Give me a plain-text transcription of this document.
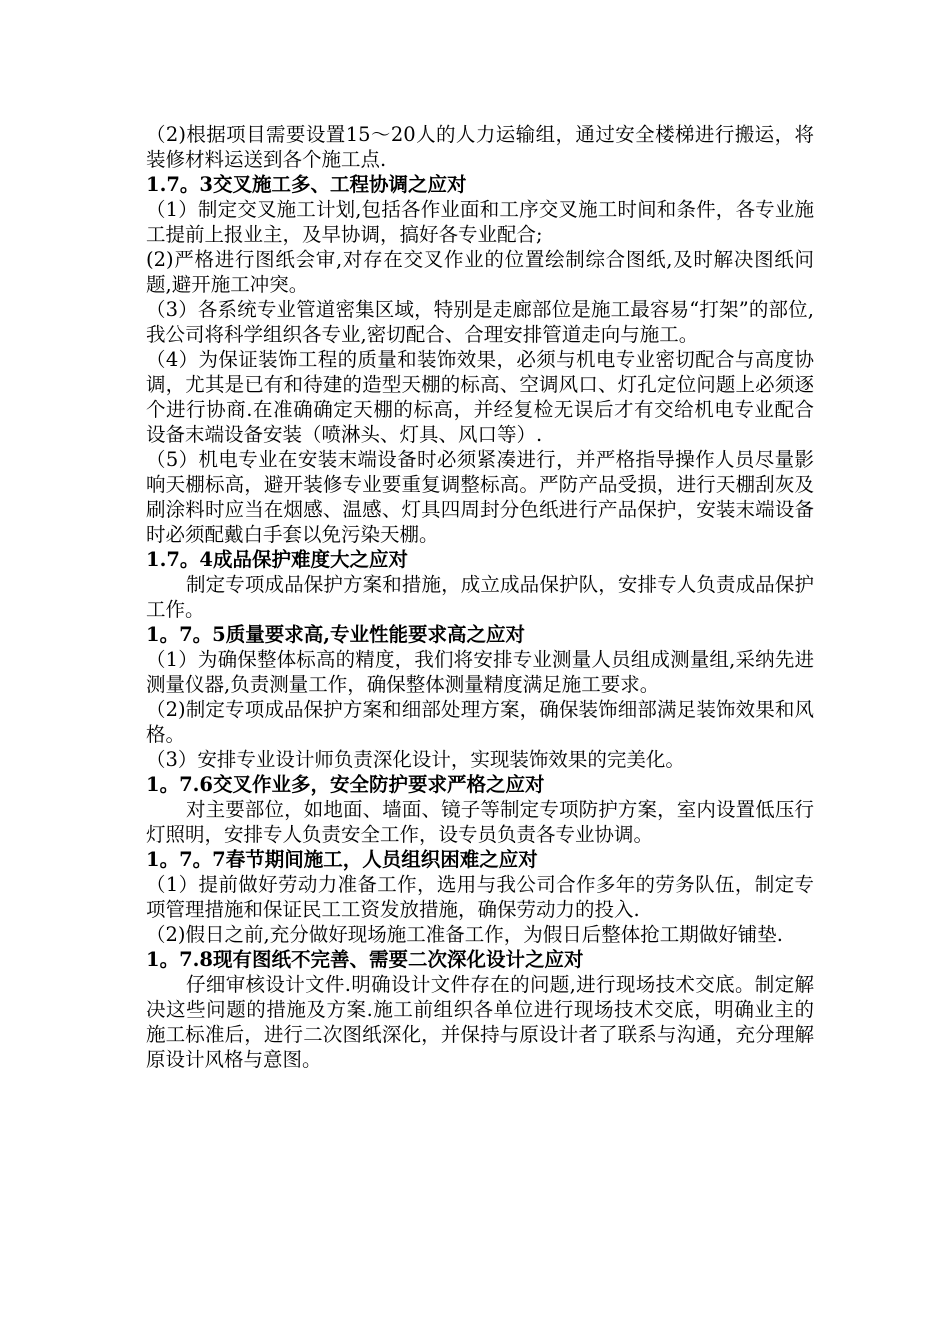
（2)根据项目需要设置15～20人的人力运输组，通过安全楼梯进行搬运，将装修材料运送到各个施工点.

1.7。3交叉施工多、工程协调之应对

（1）制定交叉施工计划,包括各作业面和工序交叉施工时间和条件，各专业施工提前上报业主，及早协调，搞好各专业配合;

(2)严格进行图纸会审,对存在交叉作业的位置绘制综合图纸,及时解决图纸问题,避开施工冲突。

（3）各系统专业管道密集区域，特别是走廊部位是施工最容易“打架”的部位,我公司将科学组织各专业,密切配合、合理安排管道走向与施工。

（4）为保证装饰工程的质量和装饰效果，必须与机电专业密切配合与高度协调，尤其是已有和待建的造型天棚的标高、空调风口、灯孔定位问题上必须逐个进行协商.在准确确定天棚的标高，并经复检无误后才有交给机电专业配合设备末端设备安装（喷淋头、灯具、风口等）.

（5）机电专业在安装末端设备时必须紧凑进行，并严格指导操作人员尽量影响天棚标高，避开装修专业要重复调整标高。严防产品受损，进行天棚刮灰及刷涂料时应当在烟感、温感、灯具四周封分色纸进行产品保护，安装末端设备时必须配戴白手套以免污染天棚。

1.7。4成品保护难度大之应对

制定专项成品保护方案和措施，成立成品保护队，安排专人负责成品保护工作。

1。7。5质量要求高,专业性能要求高之应对

（1）为确保整体标高的精度，我们将安排专业测量人员组成测量组,采纳先进测量仪器,负责测量工作，确保整体测量精度满足施工要求。

（2)制定专项成品保护方案和细部处理方案，确保装饰细部满足装饰效果和风格。

（3）安排专业设计师负责深化设计，实现装饰效果的完美化。

1。7.6交叉作业多，安全防护要求严格之应对

对主要部位，如地面、墙面、镜子等制定专项防护方案，室内设置低压行灯照明，安排专人负责安全工作，设专员负责各专业协调。

1。7。7春节期间施工，人员组织困难之应对

（1）提前做好劳动力准备工作，选用与我公司合作多年的劳务队伍，制定专项管理措施和保证民工工资发放措施，确保劳动力的投入.

（2)假日之前,充分做好现场施工准备工作，为假日后整体抢工期做好铺垫.

1。7.8现有图纸不完善、需要二次深化设计之应对

仔细审核设计文件.明确设计文件存在的问题,进行现场技术交底。制定解决这些问题的措施及方案.施工前组织各单位进行现场技术交底，明确业主的施工标准后，进行二次图纸深化，并保持与原设计者了联系与沟通，充分理解原设计风格与意图。
